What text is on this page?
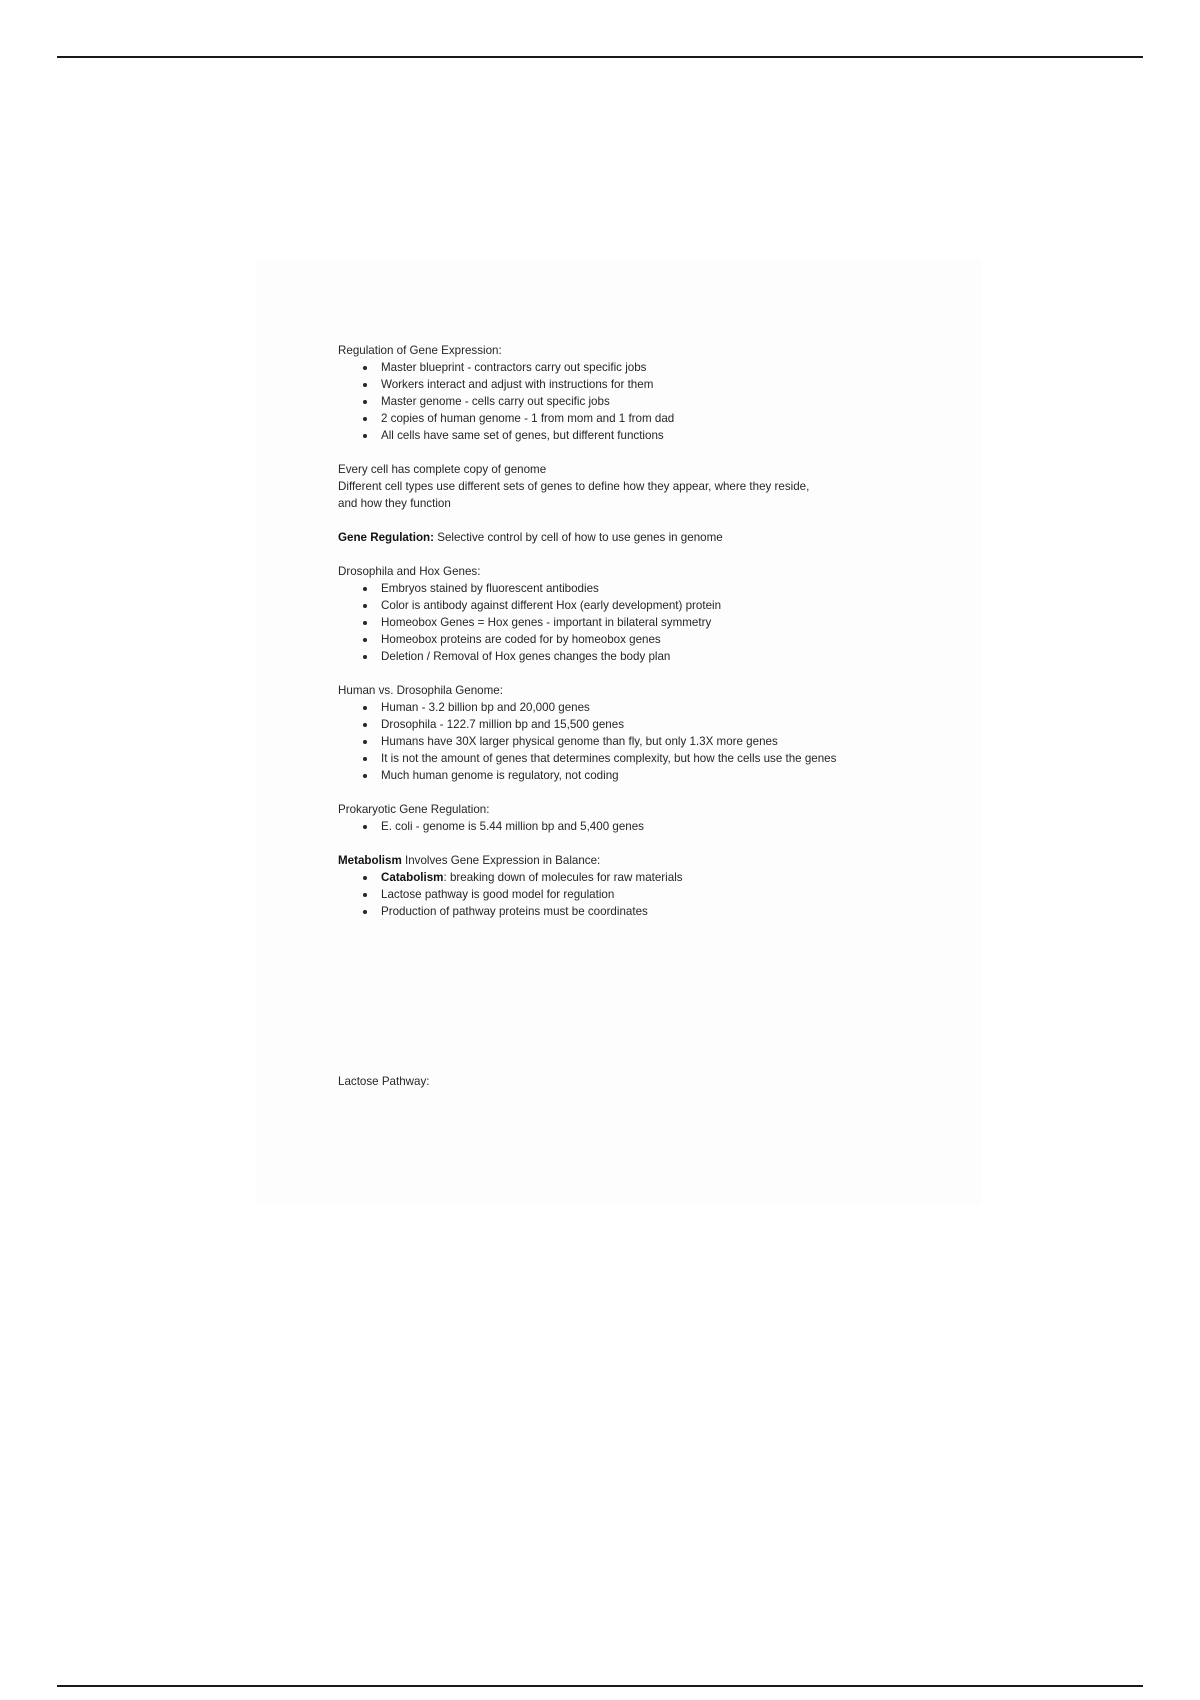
Regulation of Gene Expression:

Master blueprint - contractors carry out specific jobs
Workers interact and adjust with instructions for them
Master genome - cells carry out specific jobs
2 copies of human genome - 1 from mom and 1 from dad
All cells have same set of genes, but different functions

Every cell has complete copy of genome

Different cell types use different sets of genes to define how they appear, where they reside,

and how they function

Gene Regulation: Selective control by cell of how to use genes in genome

Drosophila and Hox Genes:

Embryos stained by fluorescent antibodies
Color is antibody against different Hox (early development) protein
Homeobox Genes = Hox genes - important in bilateral symmetry
Homeobox proteins are coded for by homeobox genes
Deletion / Removal of Hox genes changes the body plan

Human vs. Drosophila Genome:

Human - 3.2 billion bp and 20,000 genes
Drosophila - 122.7 million bp and 15,500 genes
Humans have 30X larger physical genome than fly, but only 1.3X more genes
It is not the amount of genes that determines complexity, but how the cells use the genes
Much human genome is regulatory, not coding

Prokaryotic Gene Regulation:

E. coli - genome is 5.44 million bp and 5,400 genes

Metabolism Involves Gene Expression in Balance:

Catabolism: breaking down of molecules for raw materials
Lactose pathway is good model for regulation
Production of pathway proteins must be coordinates

Lactose Pathway:
